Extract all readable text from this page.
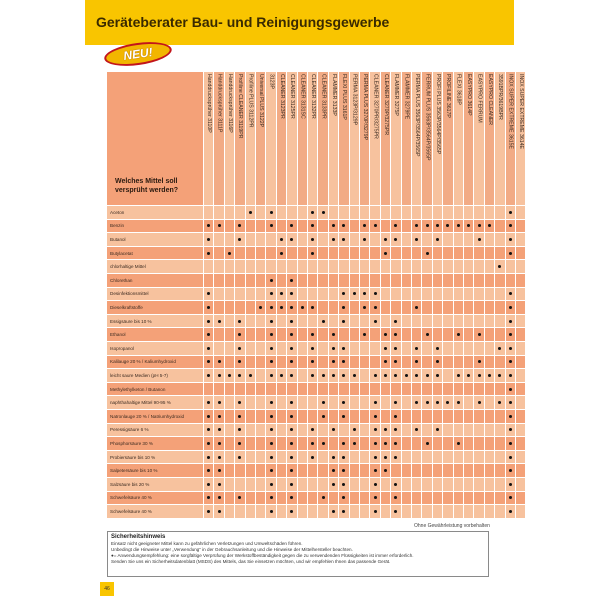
Geräteberater Bau- und Reinigungsgewerbe
NEU!
Welches Mittel soll versprüht werden?
Handdrucksprüher 3110P Handdrucksprüher 3111P Handdrucksprüher 3116P Profiline CLEANER 3119PR Profiline PLUS 3112PR Universal PLUS 3122P 3123P CLEANER 3123PR CLEANER 3125PR CLEANER 3131SC CLEANER 3132PR CLEANER 3133PR FLAMMER 3133P FLEXI PLUS 3161P PERMA 3123P/3129P PERMA PLUS 3270P/3279P CLEANER 3270PR/3275PR CLEANER 3270P/3275PR FLAMMER 3275P FLAMMER 3279PE PERMA PLUS 3563P/3564P/3565P FERRUM PLUS 3563P/3564P/3565P PROFI PLUS 3563P/3564P/3565P PROFILINE 3617P FLEXI 3618P EASYPRO 3614P EASYPRO FERRUM EASYPRO CLEANER 3591BPR/3619BPR INOX SUPER EXTREME 3615E INOX SUPER EXTREME 3614E
Aceton
Benzin
Butanol
Butylacetat
chlorhaltige Mittel
Chlorethan
Desinfektionsmittel
Dieselkraftstoffe
Essigsäure bis 10 %
Ethanol
Isopropanol
Kalilauge 20 % / Kaliumhydroxid
leicht saure Medien (pH 5-7)
Methylethylketon / Butanon
naphthahaltige Mittel 90-95 %
Natronlauge 20 % / Natriumhydroxid
Peressigsäure 6 %
Phosphorsäure 30 %
Probiersäure bis 10 %
Salpetersäure bis 10 %
Salzsäure bis 20 %
Schwefelsäure 40 %
Schwefelsäure 40 %
Ohne Gewährleistung vorbehalten
Sicherheitshinweis
Einsatz nicht geeigneter Mittel kann zu gefährlichen Verletzungen und Umweltschäden führen.
Unbedingt die Hinweise unter „Verwendung“ in der Gebrauchsanleitung und die Hinweise der Mittelhersteller beachten.
●= Anwendungsempfehlung: eine sorgfältige Verprüfung der Werkstoffbeständigkeit gegen die zu verwendenden Flüssigkeiten ist immer erforderlich.
Senden Sie uns ein Sicherheitsdatenblatt (MSDS) des Mittels, das Sie einsetzen möchten, und wir empfehlen Ihnen das passende Gerät.
46
